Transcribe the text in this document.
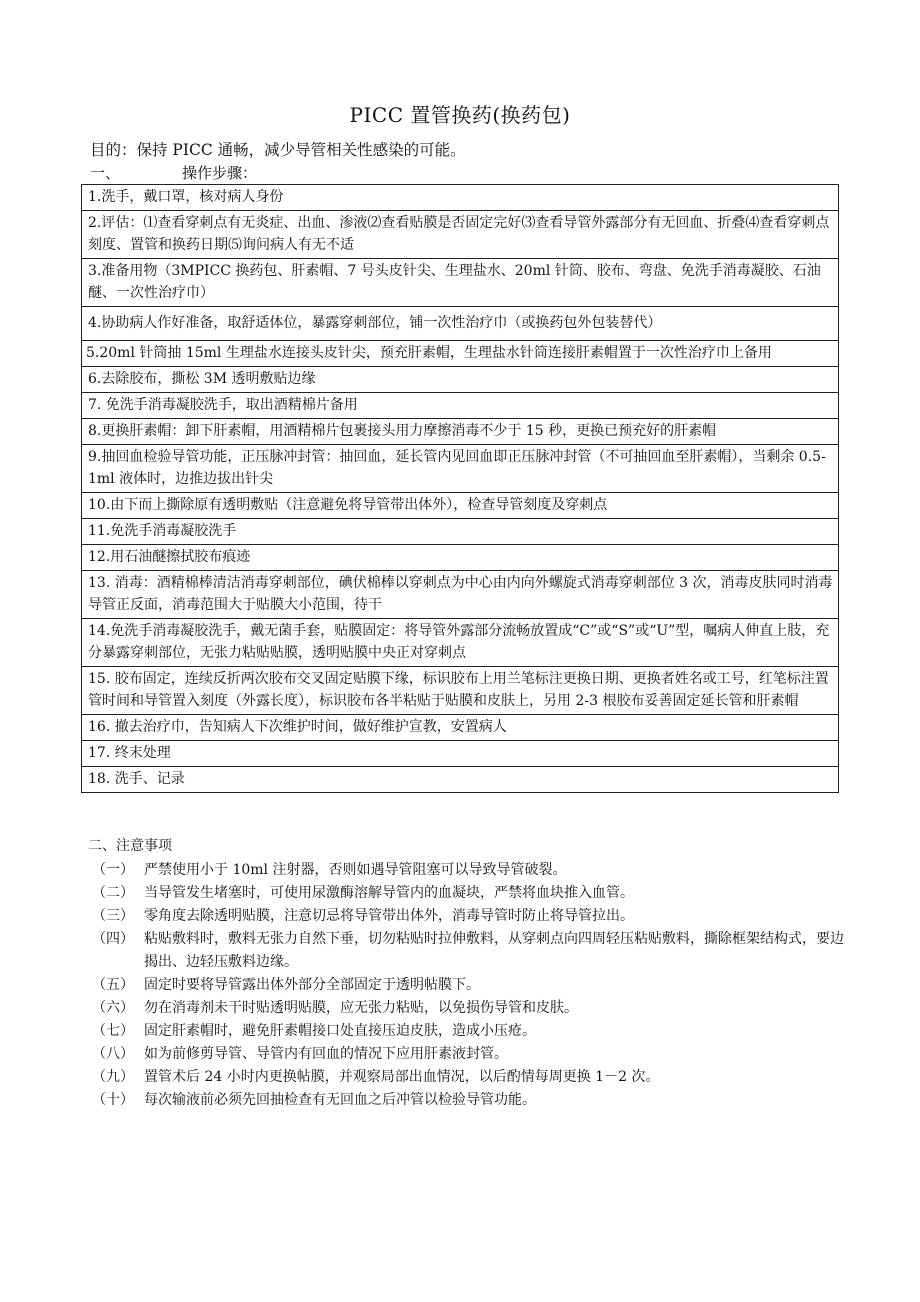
PICC 置管换药(换药包)
目的：保持 PICC 通畅，减少导管相关性感染的可能。
一、	操作步骤：
1.洗手，戴口罩，核对病人身份
2.评估：⑴查看穿刺点有无炎症、出血、渗液⑵查看贴膜是否固定完好⑶查看导管外露部分有无回血、折叠⑷查看穿刺点刻度、置管和换药日期⑸询问病人有无不适
3.准备用物（3MPICC 换药包、肝素帽、7 号头皮针尖、生理盐水、20ml 针筒、胶布、弯盘、免洗手消毒凝胶、石油醚、一次性治疗巾）
4.协助病人作好准备，取舒适体位，暴露穿刺部位，铺一次性治疗巾（或换药包外包装替代）
5.20ml 针筒抽 15ml 生理盐水连接头皮针尖，预充肝素帽，生理盐水针筒连接肝素帽置于一次性治疗巾上备用
6.去除胶布，撕松 3M 透明敷贴边缘
7. 免洗手消毒凝胶洗手，取出酒精棉片备用
8.更换肝素帽：卸下肝素帽，用酒精棉片包裹接头用力摩擦消毒不少于 15 秒，更换已预充好的肝素帽
9.抽回血检验导管功能，正压脉冲封管：抽回血，延长管内见回血即正压脉冲封管（不可抽回血至肝素帽），当剩余 0.5-1ml 液体时，边推边拔出针尖
10.由下而上撕除原有透明敷贴（注意避免将导管带出体外），检查导管刻度及穿刺点
11.免洗手消毒凝胶洗手
12.用石油醚擦拭胶布痕迹
13. 消毒：酒精棉棒清洁消毒穿刺部位，碘伏棉棒以穿刺点为中心由内向外螺旋式消毒穿刺部位 3 次，消毒皮肤同时消毒导管正反面，消毒范围大于贴膜大小范围，待干
14.免洗手消毒凝胶洗手，戴无菌手套，贴膜固定：将导管外露部分流畅放置成“C”或“S”或“U”型，嘱病人伸直上肢，充分暴露穿刺部位，无张力粘贴贴膜，透明贴膜中央正对穿刺点
15. 胶布固定，连续反折两次胶布交叉固定贴膜下缘，标识胶布上用兰笔标注更换日期、更换者姓名或工号，红笔标注置管时间和导管置入刻度（外露长度），标识胶布各半粘贴于贴膜和皮肤上，另用 2-3 根胶布妥善固定延长管和肝素帽
16. 撤去治疗巾，告知病人下次维护时间，做好维护宣教，安置病人
17. 终末处理
18. 洗手、记录
二、注意事项
（一） 严禁使用小于 10ml 注射器，否则如遇导管阻塞可以导致导管破裂。
（二） 当导管发生堵塞时，可使用尿激酶溶解导管内的血凝块，严禁将血块推入血管。
（三） 零角度去除透明贴膜，注意切忌将导管带出体外，消毒导管时防止将导管拉出。
（四） 粘贴敷料时，敷料无张力自然下垂，切勿粘贴时拉伸敷料，从穿刺点向四周轻压粘贴敷料，撕除框架结构式，要边揭出、边轻压敷料边缘。
（五） 固定时要将导管露出体外部分全部固定于透明帖膜下。
（六） 勿在消毒剂未干时贴透明贴膜，应无张力粘贴，以免损伤导管和皮肤。
（七） 固定肝素帽时，避免肝素帽接口处直接压迫皮肤，造成小压疮。
（八） 如为前修剪导管、导管内有回血的情况下应用肝素液封管。
（九） 置管术后 24 小时内更换帖膜，并观察局部出血情况，以后酌情每周更换 1－2 次。
（十） 每次输液前必须先回抽检查有无回血之后冲管以检验导管功能。
